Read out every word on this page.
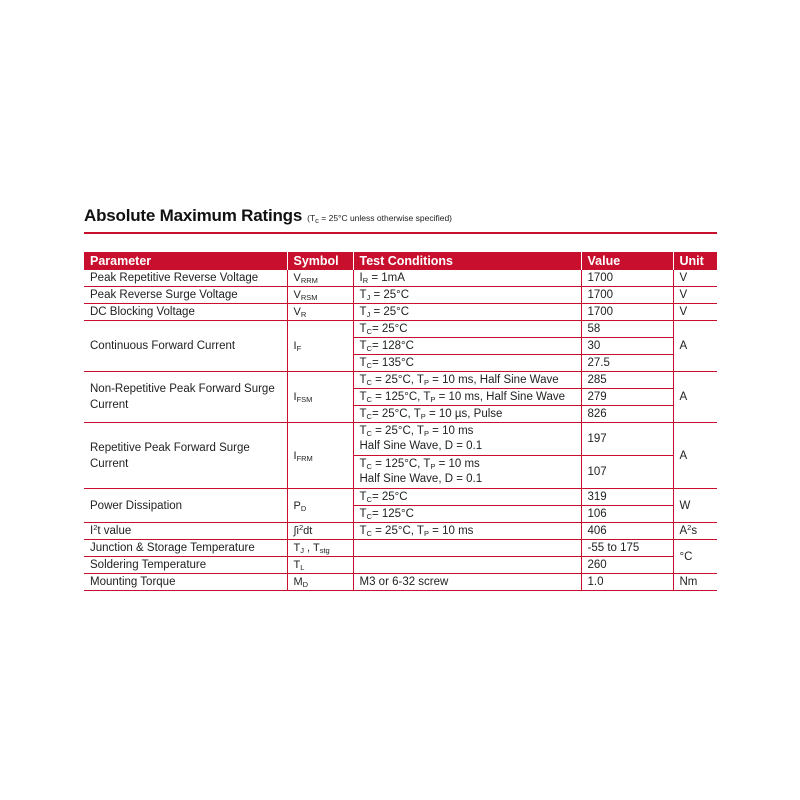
Absolute Maximum Ratings ($T_c = 25^\circ C$ unless otherwise specified)
Parameter	Symbol	Test Conditions	Value	Unit
Peak Repetitive Reverse Voltage	$V_{RRM}$	$I_R = 1mA$	1700	V
Peak Reverse Surge Voltage	$V_{RSM}$	$T_J = 25^\circ C$	1700	V
DC Blocking Voltage	$V_R$	$T_J = 25^\circ C$	1700	V
Continuous Forward Current	$I_F$	$T_C= 25^\circ C$	58	A
		$T_C= 128^\circ C$	30	
		$T_C= 135^\circ C$	27.5	
Non-Repetitive Peak Forward Surge Current	$I_{FSM}$	$T_C = 25^\circ C$, $T_P = 10$ ms, Half Sine Wave	285	A
		$T_C = 125^\circ C$, $T_P = 10$ ms, Half Sine Wave	279	
		$T_C= 25^\circ C$, $T_P = 10$ µs, Pulse	826	
Repetitive Peak Forward Surge Current	$I_{FRM}$	$T_C = 25^\circ C$, $T_P = 10$ ms
Half Sine Wave, D = 0.1	197	A
		$T_C = 125^\circ C$, $T_P = 10$ ms
Half Sine Wave, D = 0.1	107	
Power Dissipation	$P_D$	$T_C= 25^\circ C$	319	W
		$T_C= 125^\circ C$	106	
$I^2t$ value	$\int i^2dt$	$T_C = 25^\circ C$, $T_P = 10$ ms	406	$A^2s$
Junction & Storage Temperature	$T_J$ , $T_{stg}$		-55 to 175	°C
Soldering Temperature	$T_L$		260	
Mounting Torque	$M_D$	M3 or 6-32 screw	1.0	Nm
